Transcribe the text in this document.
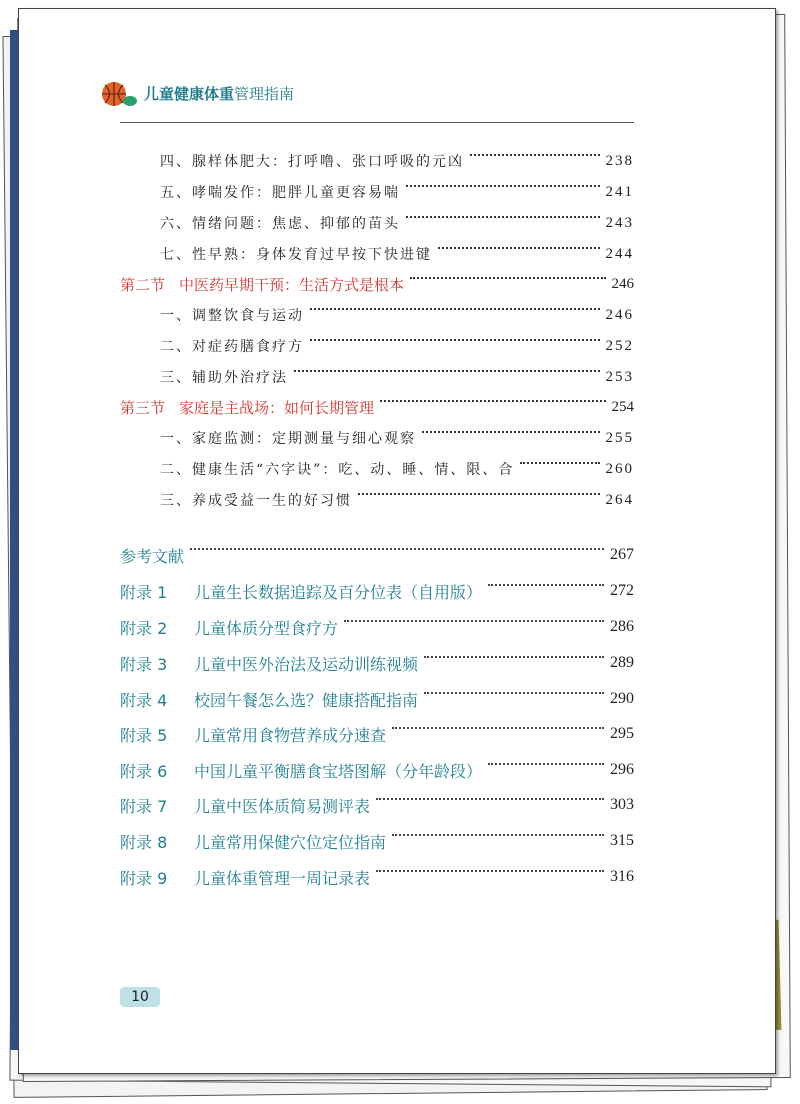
儿童健康体重管理指南
四、腺样体肥大：打呼噜、张口呼吸的元凶	238
五、哮喘发作：肥胖儿童更容易喘	241
六、情绪问题：焦虑、抑郁的苗头	243
七、性早熟：身体发育过早按下快进键	244
第二节 中医药早期干预：生活方式是根本	246
一、调整饮食与运动	246
二、对症药膳食疗方	252
三、辅助外治疗法	253
第三节 家庭是主战场：如何长期管理	254
一、家庭监测：定期测量与细心观察	255
二、健康生活“六字诀”：吃、动、睡、情、限、合	260
三、养成受益一生的好习惯	264
参考文献	267
附录 1 儿童生长数据追踪及百分位表（自用版）	272
附录 2 儿童体质分型食疗方	286
附录 3 儿童中医外治法及运动训练视频	289
附录 4 校园午餐怎么选？健康搭配指南	290
附录 5 儿童常用食物营养成分速查	295
附录 6 中国儿童平衡膳食宝塔图解（分年龄段）	296
附录 7 儿童中医体质简易测评表	303
附录 8 儿童常用保健穴位定位指南	315
附录 9 儿童体重管理一周记录表	316
10
